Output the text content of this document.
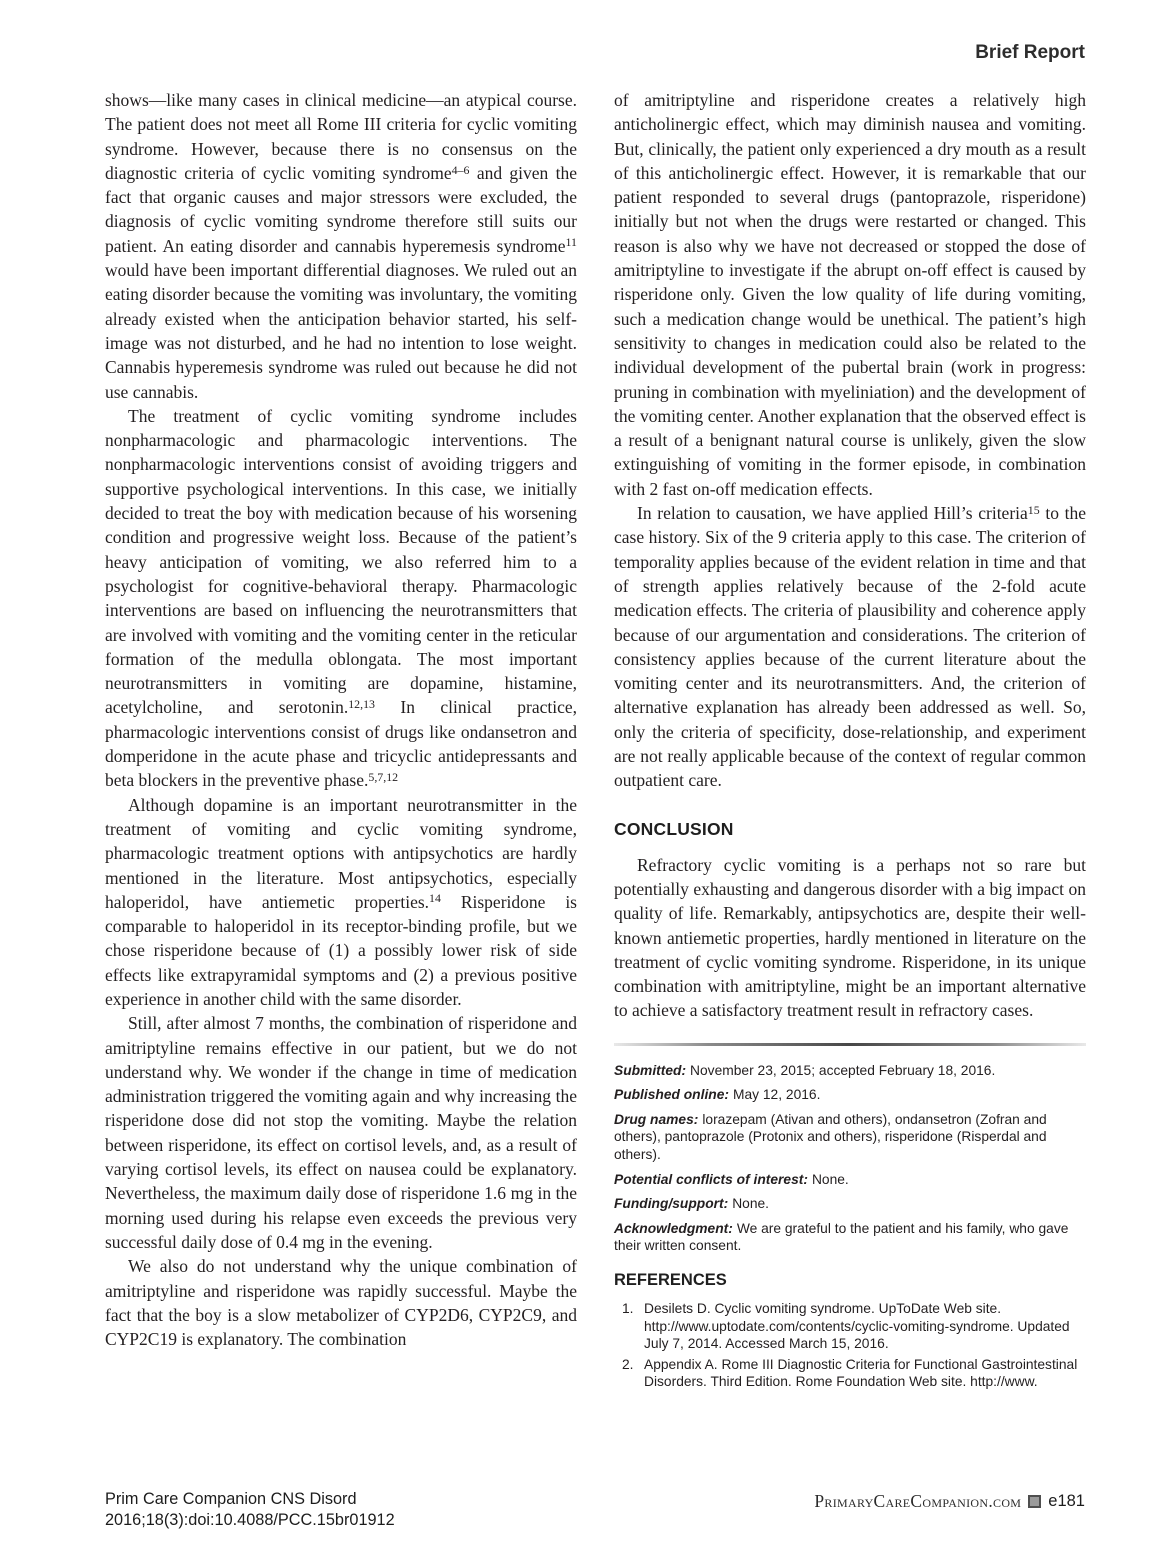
Brief Report

shows—like many cases in clinical medicine—an atypical course. The patient does not meet all Rome III criteria for cyclic vomiting syndrome. However, because there is no consensus on the diagnostic criteria of cyclic vomiting syndrome$^{4-6}$ and given the fact that organic causes and major stressors were excluded, the diagnosis of cyclic vomiting syndrome therefore still suits our patient. An eating disorder and cannabis hyperemesis syndrome$^{11}$ would have been important differential diagnoses. We ruled out an eating disorder because the vomiting was involuntary, the vomiting already existed when the anticipation behavior started, his self-image was not disturbed, and he had no intention to lose weight. Cannabis hyperemesis syndrome was ruled out because he did not use cannabis.

The treatment of cyclic vomiting syndrome includes nonpharmacologic and pharmacologic interventions. The nonpharmacologic interventions consist of avoiding triggers and supportive psychological interventions. In this case, we initially decided to treat the boy with medication because of his worsening condition and progressive weight loss. Because of the patient’s heavy anticipation of vomiting, we also referred him to a psychologist for cognitive-behavioral therapy. Pharmacologic interventions are based on influencing the neurotransmitters that are involved with vomiting and the vomiting center in the reticular formation of the medulla oblongata. The most important neurotransmitters in vomiting are dopamine, histamine, acetylcholine, and serotonin.$^{12,13}$ In clinical practice, pharmacologic interventions consist of drugs like ondansetron and domperidone in the acute phase and tricyclic antidepressants and beta blockers in the preventive phase.$^{5,7,12}$

Although dopamine is an important neurotransmitter in the treatment of vomiting and cyclic vomiting syndrome, pharmacologic treatment options with antipsychotics are hardly mentioned in the literature. Most antipsychotics, especially haloperidol, have antiemetic properties.$^{14}$ Risperidone is comparable to haloperidol in its receptor-binding profile, but we chose risperidone because of (1) a possibly lower risk of side effects like extrapyramidal symptoms and (2) a previous positive experience in another child with the same disorder.

Still, after almost 7 months, the combination of risperidone and amitriptyline remains effective in our patient, but we do not understand why. We wonder if the change in time of medication administration triggered the vomiting again and why increasing the risperidone dose did not stop the vomiting. Maybe the relation between risperidone, its effect on cortisol levels, and, as a result of varying cortisol levels, its effect on nausea could be explanatory. Nevertheless, the maximum daily dose of risperidone 1.6 mg in the morning used during his relapse even exceeds the previous very successful daily dose of 0.4 mg in the evening.

We also do not understand why the unique combination of amitriptyline and risperidone was rapidly successful. Maybe the fact that the boy is a slow metabolizer of CYP2D6, CYP2C9, and CYP2C19 is explanatory. The combination

of amitriptyline and risperidone creates a relatively high anticholinergic effect, which may diminish nausea and vomiting. But, clinically, the patient only experienced a dry mouth as a result of this anticholinergic effect. However, it is remarkable that our patient responded to several drugs (pantoprazole, risperidone) initially but not when the drugs were restarted or changed. This reason is also why we have not decreased or stopped the dose of amitriptyline to investigate if the abrupt on-off effect is caused by risperidone only. Given the low quality of life during vomiting, such a medication change would be unethical. The patient’s high sensitivity to changes in medication could also be related to the individual development of the pubertal brain (work in progress: pruning in combination with myeliniation) and the development of the vomiting center. Another explanation that the observed effect is a result of a benignant natural course is unlikely, given the slow extinguishing of vomiting in the former episode, in combination with 2 fast on-off medication effects.

In relation to causation, we have applied Hill’s criteria$^{15}$ to the case history. Six of the 9 criteria apply to this case. The criterion of temporality applies because of the evident relation in time and that of strength applies relatively because of the 2-fold acute medication effects. The criteria of plausibility and coherence apply because of our argumentation and considerations. The criterion of consistency applies because of the current literature about the vomiting center and its neurotransmitters. And, the criterion of alternative explanation has already been addressed as well. So, only the criteria of specificity, dose-relationship, and experiment are not really applicable because of the context of regular common outpatient care.

CONCLUSION

Refractory cyclic vomiting is a perhaps not so rare but potentially exhausting and dangerous disorder with a big impact on quality of life. Remarkably, antipsychotics are, despite their well-known antiemetic properties, hardly mentioned in literature on the treatment of cyclic vomiting syndrome. Risperidone, in its unique combination with amitriptyline, might be an important alternative to achieve a satisfactory treatment result in refractory cases.

Submitted: November 23, 2015; accepted February 18, 2016.

Published online: May 12, 2016.

Drug names: lorazepam (Ativan and others), ondansetron (Zofran and others), pantoprazole (Protonix and others), risperidone (Risperdal and others).

Potential conflicts of interest: None.

Funding/support: None.

Acknowledgment: We are grateful to the patient and his family, who gave their written consent.

REFERENCES
1. Desilets D. Cyclic vomiting syndrome. UpToDate Web site. http://www.uptodate.com/contents/cyclic-vomiting-syndrome. Updated July 7, 2014. Accessed March 15, 2016.
2. Appendix A. Rome III Diagnostic Criteria for Functional Gastrointestinal Disorders. Third Edition. Rome Foundation Web site. http://www.
Prim Care Companion CNS Disord
2016;18(3):doi:10.4088/PCC.15br01912
PrimaryCareCompanion.com e181
